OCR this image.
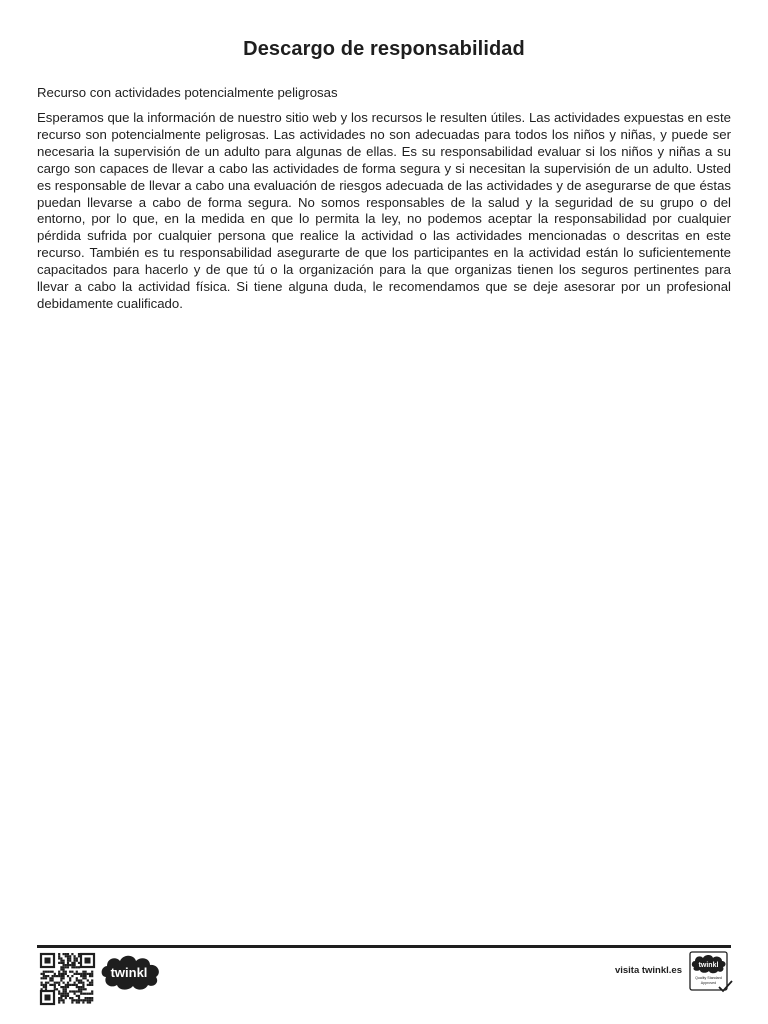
Descargo de responsabilidad
Recurso con actividades potencialmente peligrosas
Esperamos que la información de nuestro sitio web y los recursos le resulten útiles. Las actividades expuestas en este recurso son potencialmente peligrosas. Las actividades no son adecuadas para todos los niños y niñas, y puede ser necesaria la supervisión de un adulto para algunas de ellas. Es su responsabilidad evaluar si los niños y niñas a su cargo son capaces de llevar a cabo las actividades de forma segura y si necesitan la supervisión de un adulto. Usted es responsable de llevar a cabo una evaluación de riesgos adecuada de las actividades y de asegurarse de que éstas puedan llevarse a cabo de forma segura. No somos responsables de la salud y la seguridad de su grupo o del entorno, por lo que, en la medida en que lo permita la ley, no podemos aceptar la responsabilidad por cualquier pérdida sufrida por cualquier persona que realice la actividad o las actividades mencionadas o descritas en este recurso. También es tu responsabilidad asegurarte de que los participantes en la actividad están lo suficientemente capacitados para hacerlo y de que tú o la organización para la que organizas tienen los seguros pertinentes para llevar a cabo la actividad física. Si tiene alguna duda, le recomendamos que se deje asesorar por un profesional debidamente cualificado.
twinkl	visita twinkl.es twinkl
Quality Standard
Approved
